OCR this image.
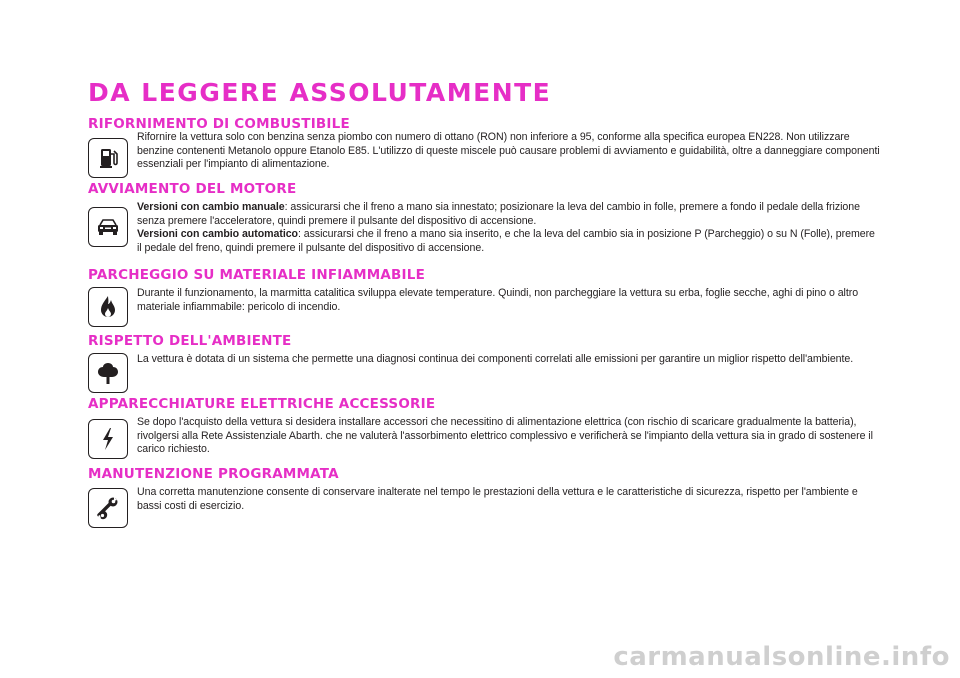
DA LEGGERE ASSOLUTAMENTE
RIFORNIMENTO DI COMBUSTIBILE
Rifornire la vettura solo con benzina senza piombo con numero di ottano (RON) non inferiore a 95, conforme alla specifica europea EN228. Non utilizzare benzine contenenti Metanolo oppure Etanolo E85. L'utilizzo di queste miscele può causare problemi di avviamento e guidabilità, oltre a danneggiare componenti essenziali per l'impianto di alimentazione.
AVVIAMENTO DEL MOTORE
Versioni con cambio manuale: assicurarsi che il freno a mano sia innestato; posizionare la leva del cambio in folle, premere a fondo il pedale della frizione senza premere l'acceleratore, quindi premere il pulsante del dispositivo di accensione.
Versioni con cambio automatico: assicurarsi che il freno a mano sia inserito, e che la leva del cambio sia in posizione P (Parcheggio) o su N (Folle), premere il pedale del freno, quindi premere il pulsante del dispositivo di accensione.
PARCHEGGIO SU MATERIALE INFIAMMABILE
Durante il funzionamento, la marmitta catalitica sviluppa elevate temperature. Quindi, non parcheggiare la vettura su erba, foglie secche, aghi di pino o altro materiale infiammabile: pericolo di incendio.
RISPETTO DELL'AMBIENTE
La vettura è dotata di un sistema che permette una diagnosi continua dei componenti correlati alle emissioni per garantire un miglior rispetto dell'ambiente.
APPARECCHIATURE ELETTRICHE ACCESSORIE
Se dopo l'acquisto della vettura si desidera installare accessori che necessitino di alimentazione elettrica (con rischio di scaricare gradualmente la batteria), rivolgersi alla Rete Assistenziale Abarth. che ne valuterà l'assorbimento elettrico complessivo e verificherà se l'impianto della vettura sia in grado di sostenere il carico richiesto.
MANUTENZIONE PROGRAMMATA
Una corretta manutenzione consente di conservare inalterate nel tempo le prestazioni della vettura e le caratteristiche di sicurezza, rispetto per l'ambiente e bassi costi di esercizio.
carmanualsonline.info
